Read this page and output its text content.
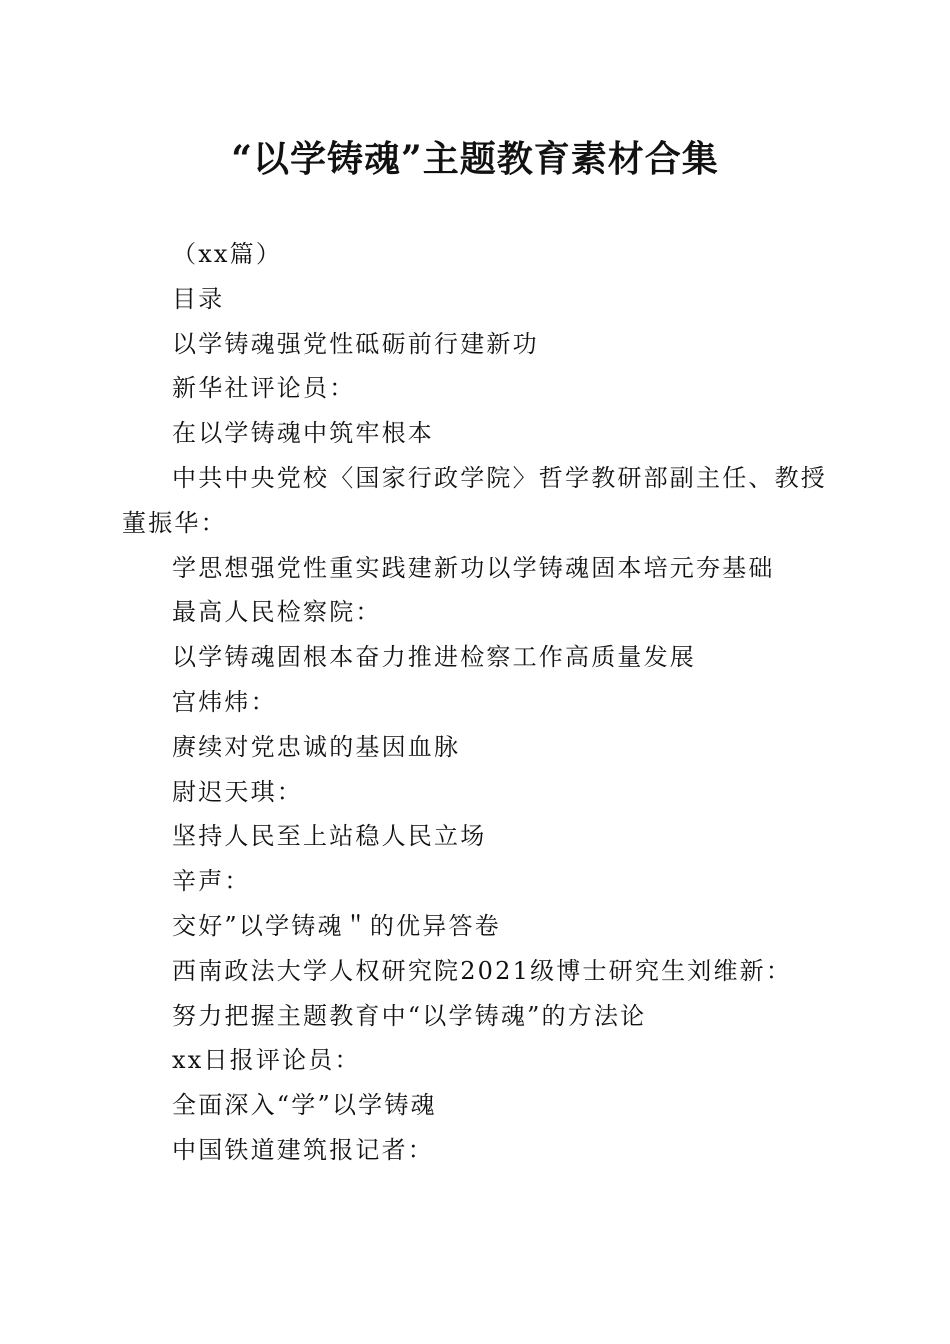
“以学铸魂”主题教育素材合集
（xx篇）
目录
以学铸魂强党性砥砺前行建新功
新华社评论员：
在以学铸魂中筑牢根本
中共中央党校〈国家行政学院〉哲学教研部副主任、教授董振华：
学思想强党性重实践建新功以学铸魂固本培元夯基础
最高人民检察院：
以学铸魂固根本奋力推进检察工作高质量发展
宫炜炜：
赓续对党忠诚的基因血脉
尉迟天琪：
坚持人民至上站稳人民立场
辛声：
交好”以学铸魂＂的优异答卷
西南政法大学人权研究院2021级博士研究生刘维新：
努力把握主题教育中“以学铸魂”的方法论
xx日报评论员：
全面深入“学”以学铸魂
中国铁道建筑报记者：
